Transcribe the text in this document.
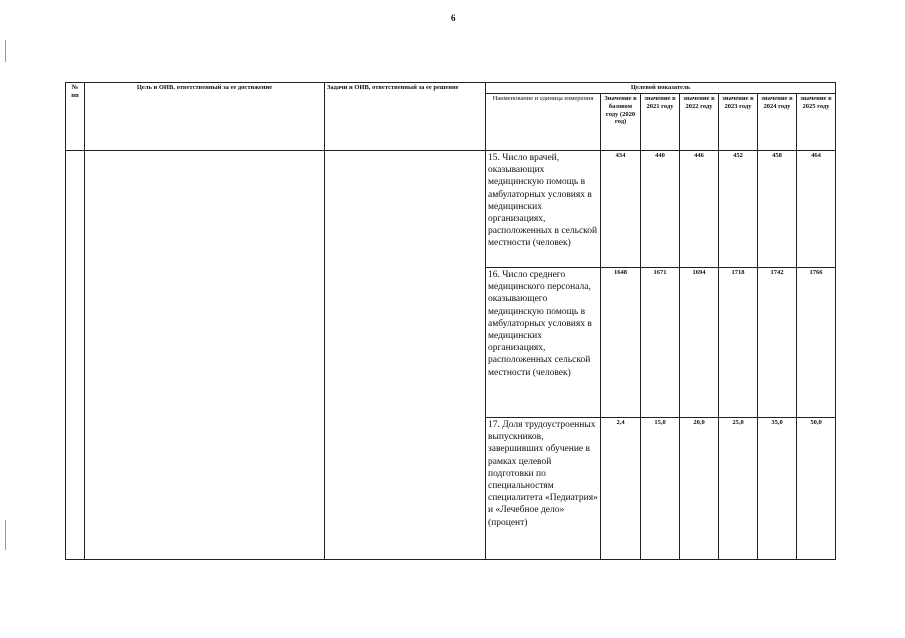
6
№ пп	Цель и ОИВ, ответственный за ее достижение	Задачи и ОИВ, ответственный за ее решение	Целевой показатель						
			Наименование и единица измерения	Значение в базовом году (2020 год)	значение в 2021 году	значение в 2022 году	значение в 2023 году	значение в 2024 году	значение в 2025 году
			15. Число врачей, оказывающих медицинскую помощь в амбулаторных условиях в медицинских организациях, расположенных в сельской местности (человек)	434	440	446	452	458	464
			16. Число среднего медицинского персонала, оказывающего медицинскую помощь в амбулаторных условиях в медицинских организациях, расположенных сельской местности (человек)	1648	1671	1694	1718	1742	1766
			17. Доля трудоустроенных выпускников, завершивших обучение в рамках целевой подготовки по специальностям специалитета «Педиатрия» и «Лечебное дело» (процент)	2,4	15,0	20,0	25,0	35,0	50,0
